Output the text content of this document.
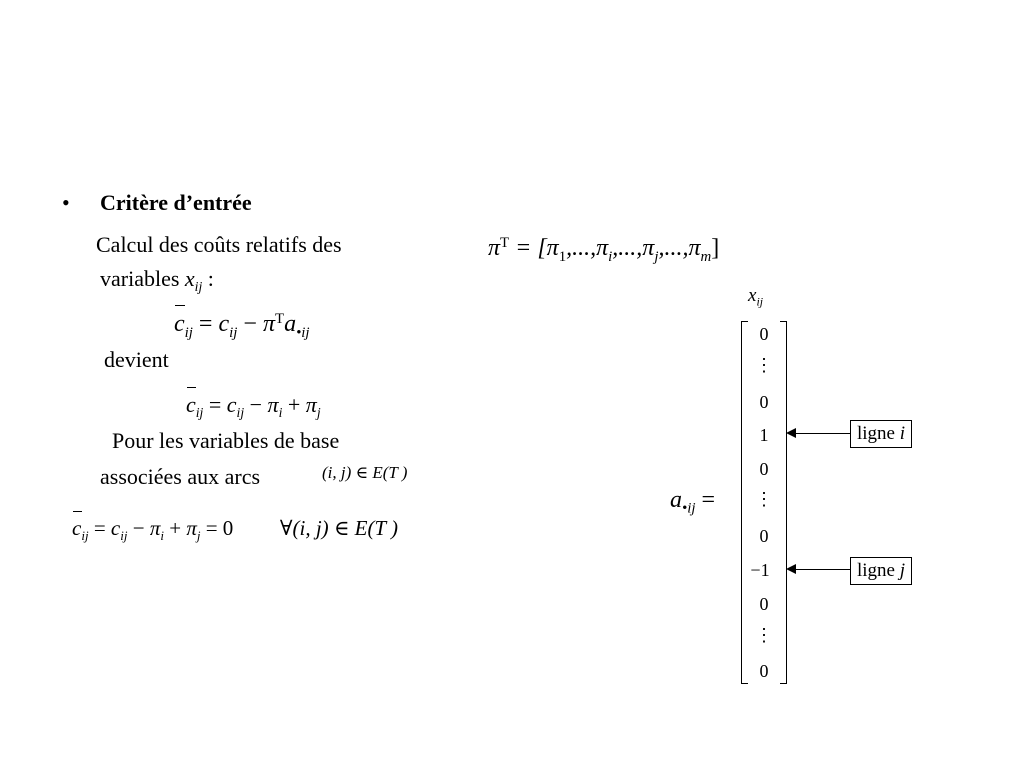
• Critère d’entrée
Calcul des coûts relatifs des
variables $x_{ij}$ :
$c_{ij} = c_{ij} - \pi^Ta_{•ij}$
devient
$c_{ij} = c_{ij} - \pi_i + \pi_j$
Pour les variables de base
associées aux arcs	(i, j) ∈ E(T )
$c_{ij} = c_{ij} - \pi_i + \pi_j = 0$ ∀(i, j) ∈ E(T )
$\pi^T = [\pi_1,...,\pi_i,...,\pi_j,...,\pi_m]$
$x_{ij}$
$a_{•ij}$ =
0
⋮
0
1
0
⋮
0
−1
0
⋮
0
ligne i
ligne j
